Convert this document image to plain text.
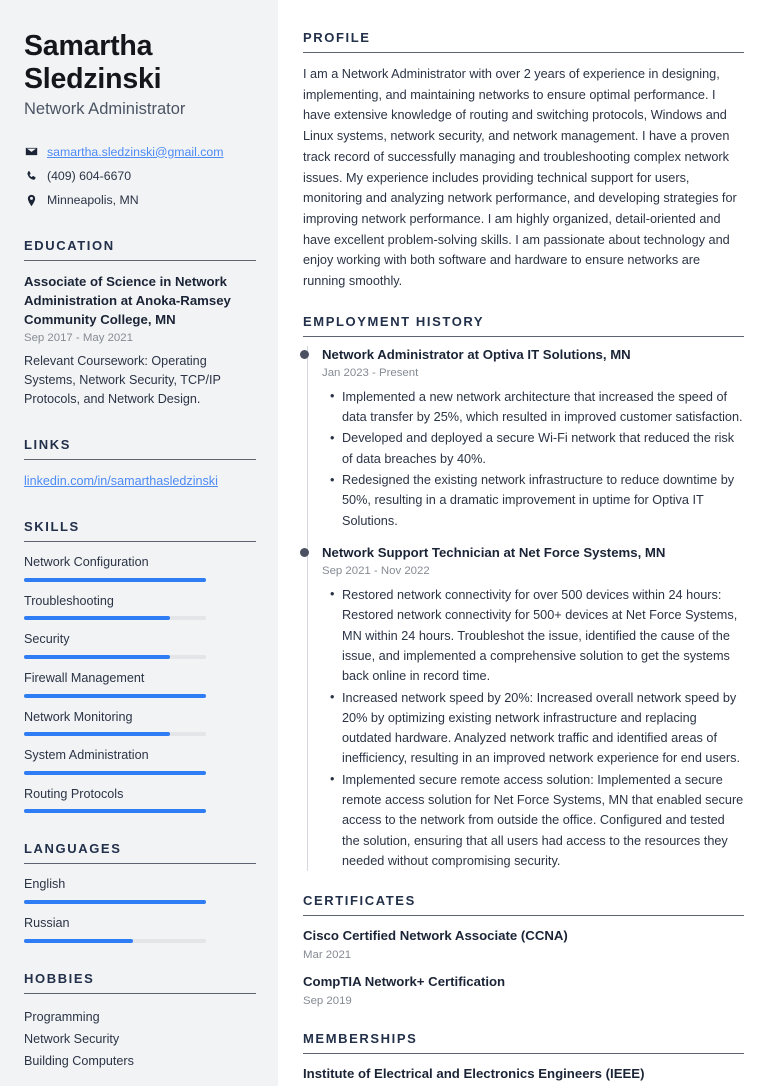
Samartha Sledzinski
Network Administrator
samartha.sledzinski@gmail.com
(409) 604-6670
Minneapolis, MN
EDUCATION
Associate of Science in Network Administration at Anoka-Ramsey Community College, MN
Sep 2017 - May 2021
Relevant Coursework: Operating Systems, Network Security, TCP/IP Protocols, and Network Design.
LINKS
linkedin.com/in/samarthasledzinski
SKILLS
Network Configuration
Troubleshooting
Security
Firewall Management
Network Monitoring
System Administration
Routing Protocols
LANGUAGES
English
Russian
HOBBIES
Programming
Network Security
Building Computers
PROFILE

I am a Network Administrator with over 2 years of experience in designing, implementing, and maintaining networks to ensure optimal performance. I have extensive knowledge of routing and switching protocols, Windows and Linux systems, network security, and network management. I have a proven track record of successfully managing and troubleshooting complex network issues. My experience includes providing technical support for users, monitoring and analyzing network performance, and developing strategies for improving network performance. I am highly organized, detail-oriented and have excellent problem-solving skills. I am passionate about technology and enjoy working with both software and hardware to ensure networks are running smoothly.

EMPLOYMENT HISTORY
Network Administrator at Optiva IT Solutions, MN
Jan 2023 - Present
• Implemented a new network architecture that increased the speed of data transfer by 25%, which resulted in improved customer satisfaction.
• Developed and deployed a secure Wi-Fi network that reduced the risk of data breaches by 40%.
• Redesigned the existing network infrastructure to reduce downtime by 50%, resulting in a dramatic improvement in uptime for Optiva IT Solutions.
Network Support Technician at Net Force Systems, MN
Sep 2021 - Nov 2022
• Restored network connectivity for over 500 devices within 24 hours: Restored network connectivity for 500+ devices at Net Force Systems, MN within 24 hours. Troubleshot the issue, identified the cause of the issue, and implemented a comprehensive solution to get the systems back online in record time.
• Increased network speed by 20%: Increased overall network speed by 20% by optimizing existing network infrastructure and replacing outdated hardware. Analyzed network traffic and identified areas of inefficiency, resulting in an improved network experience for end users.
• Implemented secure remote access solution: Implemented a secure remote access solution for Net Force Systems, MN that enabled secure access to the network from outside the office. Configured and tested the solution, ensuring that all users had access to the resources they needed without compromising security.
CERTIFICATES
Cisco Certified Network Associate (CCNA)
Mar 2021
CompTIA Network+ Certification
Sep 2019
MEMBERSHIPS
Institute of Electrical and Electronics Engineers (IEEE)
